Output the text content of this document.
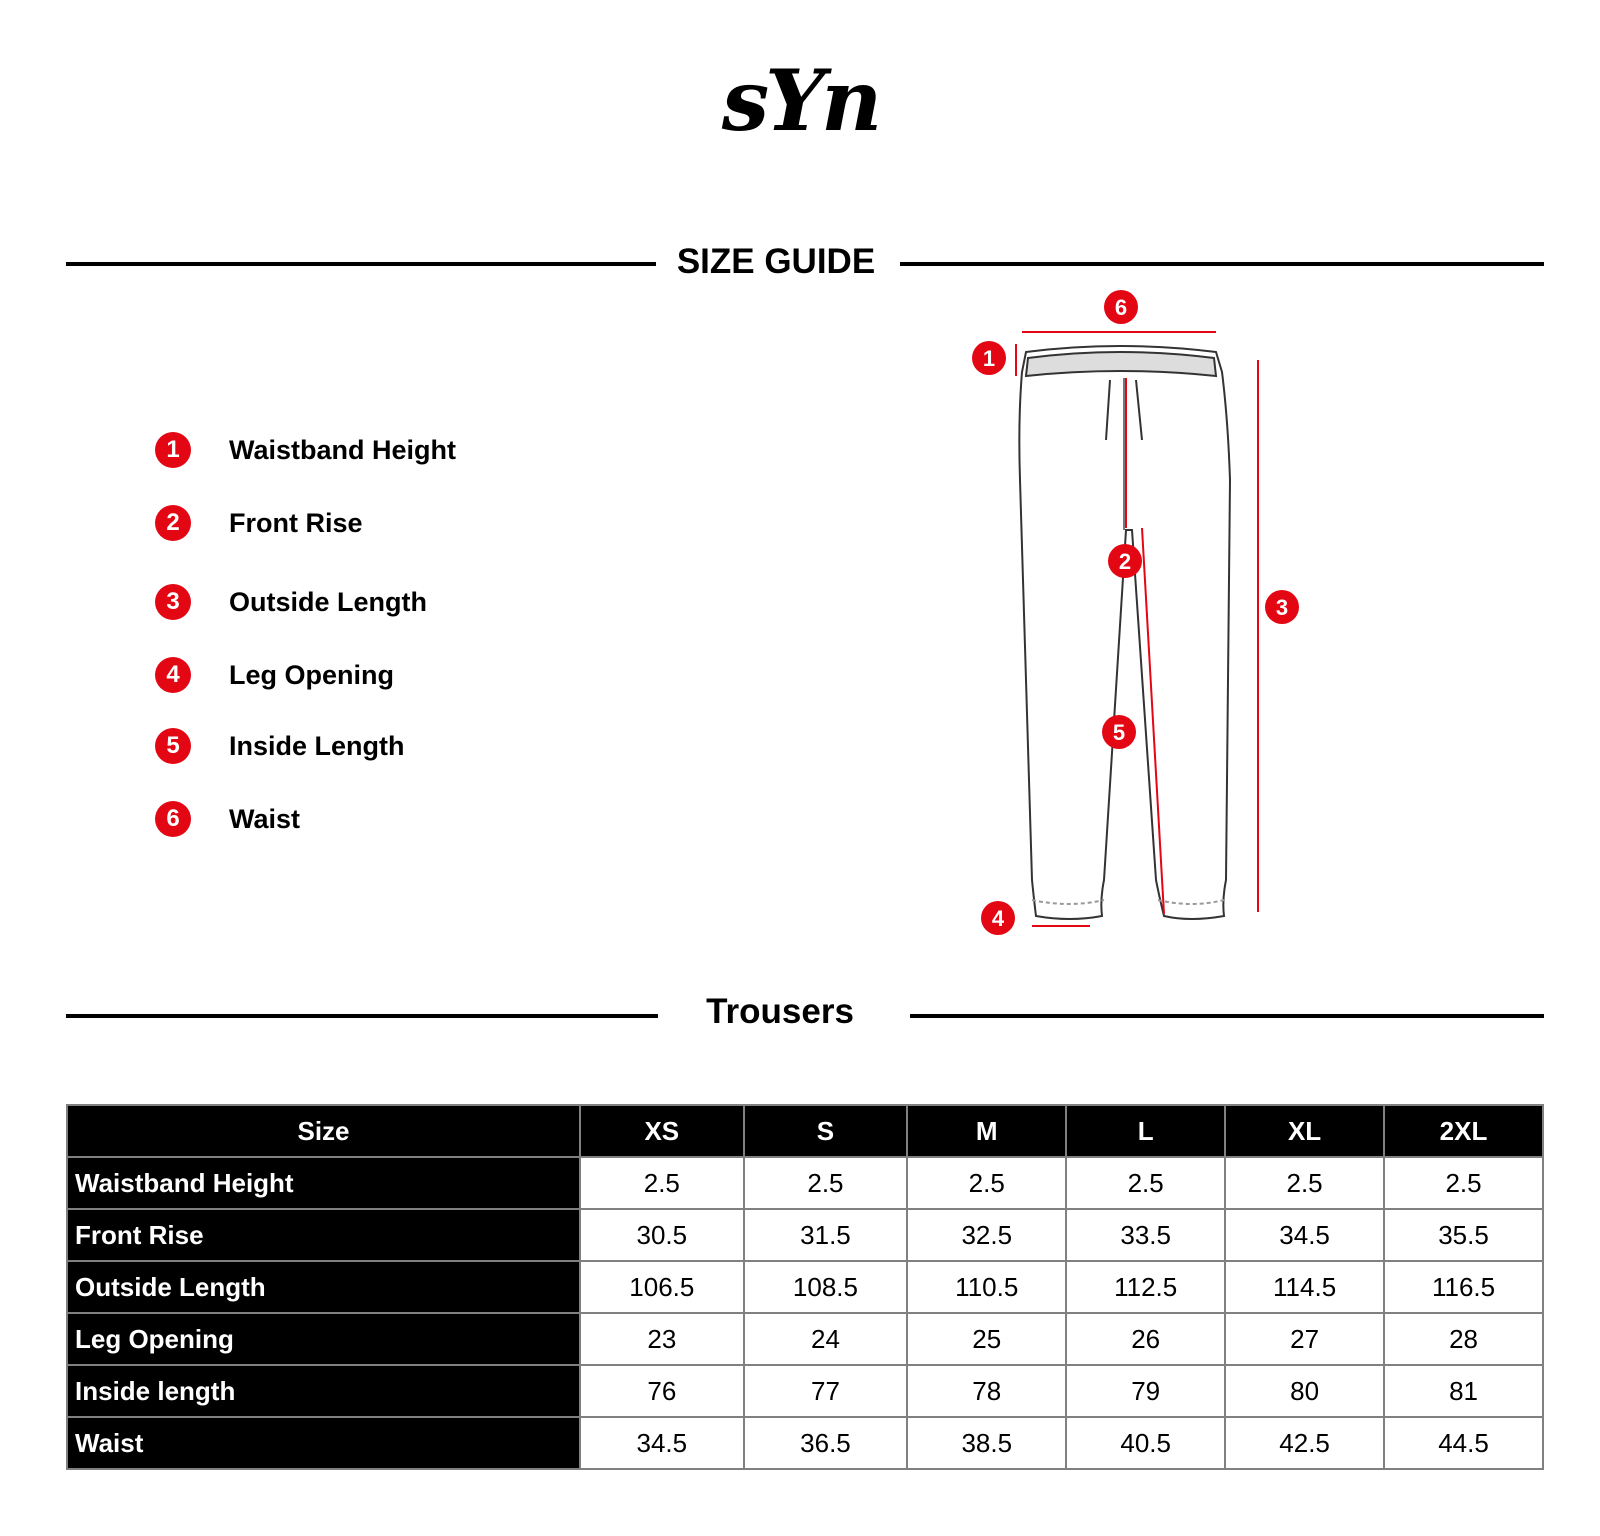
sYn
SIZE GUIDE
1	Waistband Height
2	Front Rise
3	Outside Length
4	Leg Opening
5	Inside Length
6	Waist
6
1
2
3
5
4
Trousers
Size	XS	S	M	L	XL	2XL
Waistband Height	2.5	2.5	2.5	2.5	2.5	2.5
Front Rise	30.5	31.5	32.5	33.5	34.5	35.5
Outside Length	106.5	108.5	110.5	112.5	114.5	116.5
Leg Opening	23	24	25	26	27	28
Inside length	76	77	78	79	80	81
Waist	34.5	36.5	38.5	40.5	42.5	44.5
